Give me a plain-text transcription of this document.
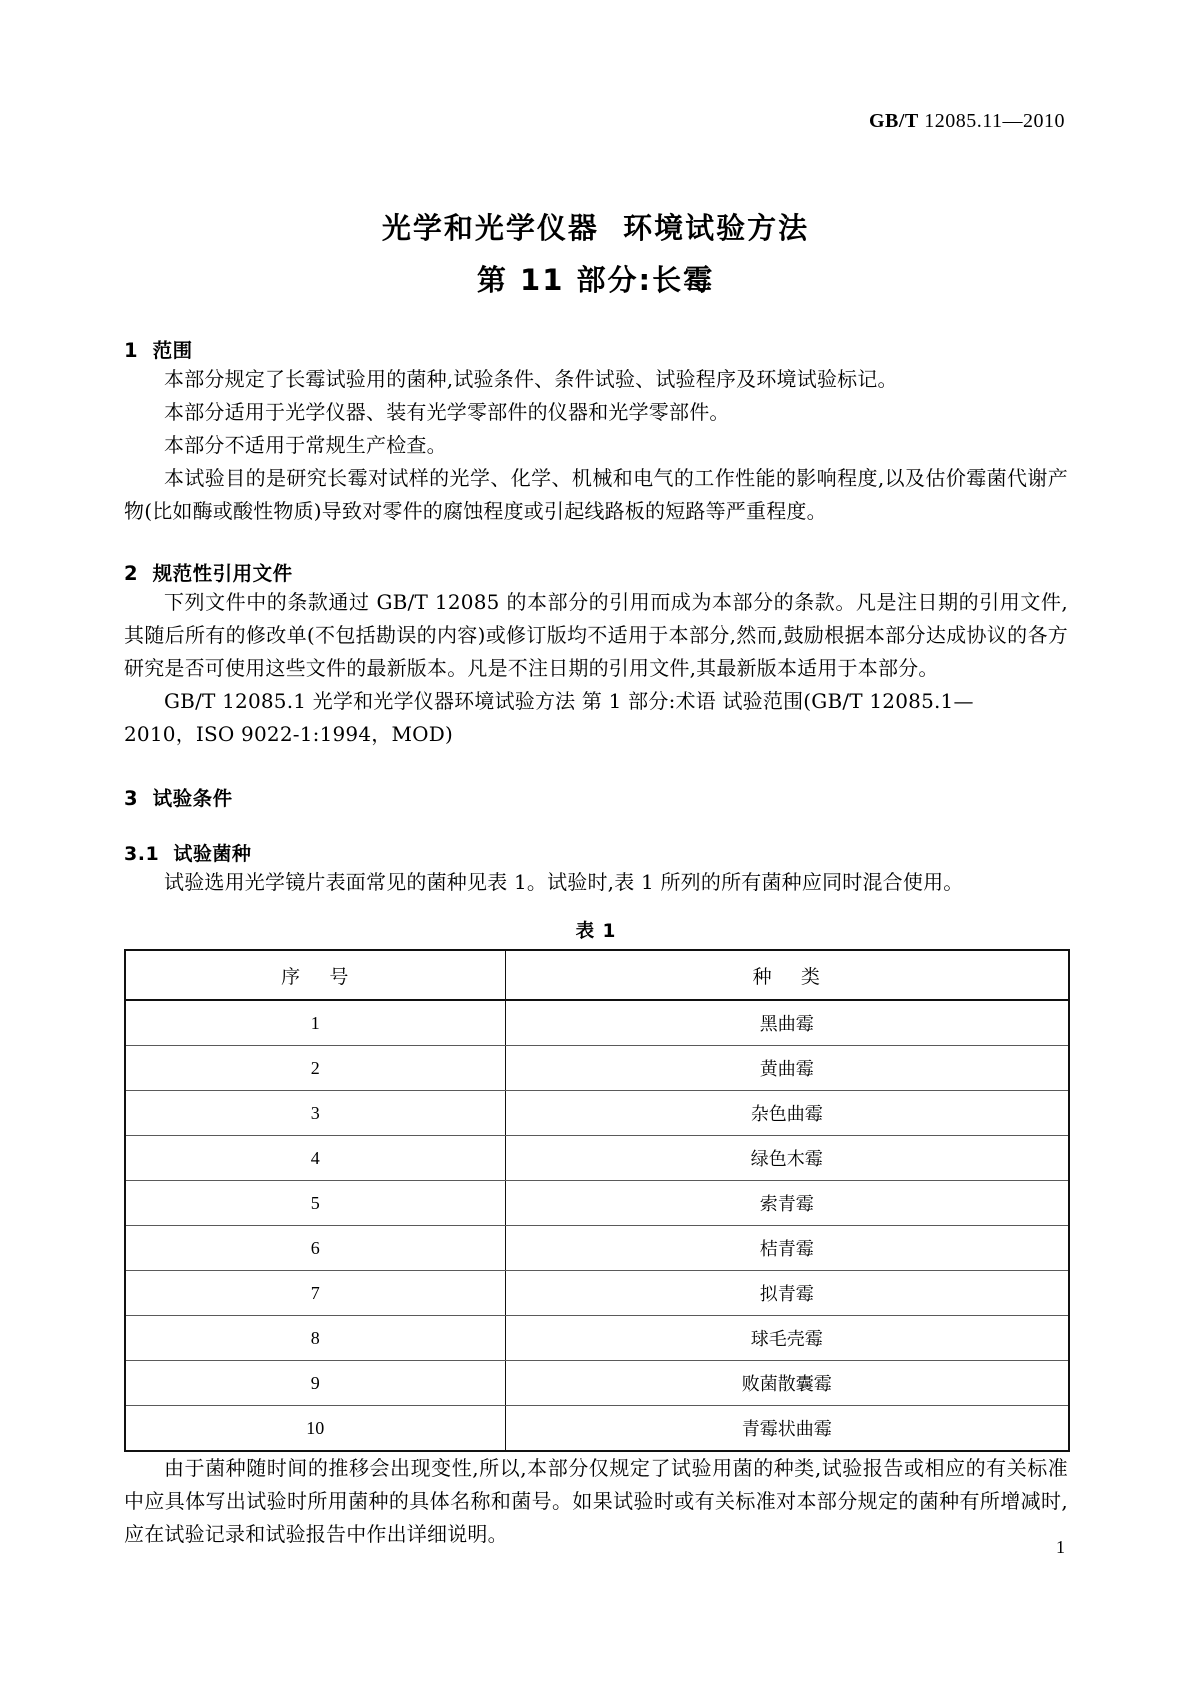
GB/T 12085.11—2010
光学和光学仪器  环境试验方法
第 11 部分:长霉
1  范围

本部分规定了长霉试验用的菌种,试验条件、条件试验、试验程序及环境试验标记。

本部分适用于光学仪器、装有光学零部件的仪器和光学零部件。

本部分不适用于常规生产检查。

本试验目的是研究长霉对试样的光学、化学、机械和电气的工作性能的影响程度,以及估价霉菌代谢产物(比如酶或酸性物质)导致对零件的腐蚀程度或引起线路板的短路等严重程度。

2  规范性引用文件

下列文件中的条款通过 GB/T 12085 的本部分的引用而成为本部分的条款。凡是注日期的引用文件,其随后所有的修改单(不包括勘误的内容)或修订版均不适用于本部分,然而,鼓励根据本部分达成协议的各方研究是否可使用这些文件的最新版本。凡是不注日期的引用文件,其最新版本适用于本部分。

GB/T 12085.1 光学和光学仪器环境试验方法 第 1 部分:术语 试验范围(GB/T 12085.1—

2010，ISO 9022-1:1994，MOD)

3  试验条件
3.1  试验菌种

试验选用光学镜片表面常见的菌种见表 1。试验时,表 1 所列的所有菌种应同时混合使用。

表 1
序    号	种    类
1	黑曲霉
2	黄曲霉
3	杂色曲霉
4	绿色木霉
5	索青霉
6	桔青霉
7	拟青霉
8	球毛壳霉
9	败菌散囊霉
10	青霉状曲霉

由于菌种随时间的推移会出现变性,所以,本部分仅规定了试验用菌的种类,试验报告或相应的有关标准中应具体写出试验时所用菌种的具体名称和菌号。如果试验时或有关标准对本部分规定的菌种有所增减时,应在试验记录和试验报告中作出详细说明。

1
